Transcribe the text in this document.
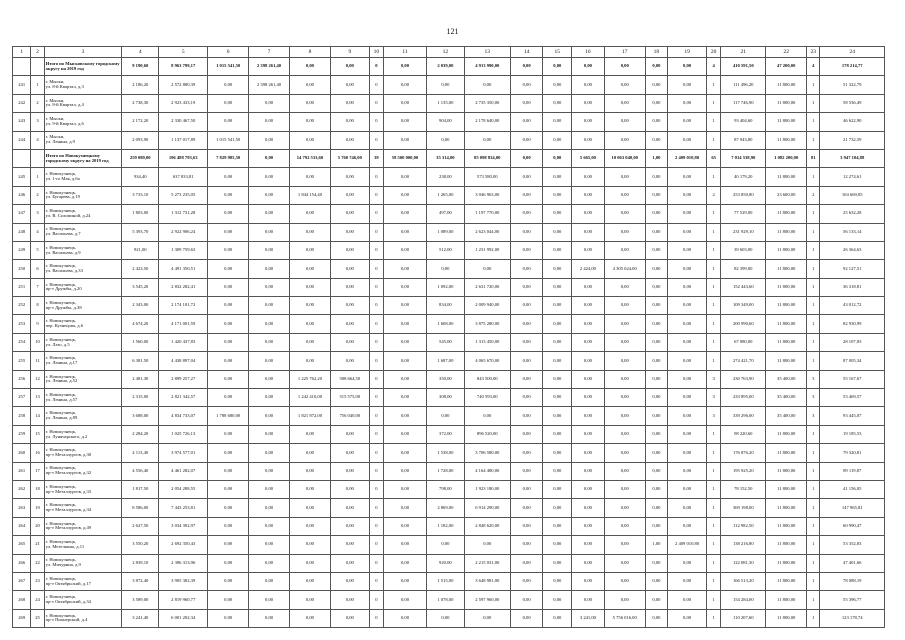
121
1	2	3	4	5	6	7	8	9	10	11	12	13	14	15	16	17	18	19	20	21	22	23	24
		Итого по Мысковскому городскому округу на 2019 год	9 190,60	8 963 799,17	1 015 541,50	2 398 261,40	0,00	0,00	0	0,00	2 039,00	4 913 990,00	0,00	0,00	0,00	0,00	0,00	0,00	4	410 591,50	47 200,00	4	178 214,77
241	1	г. Мыски,
ул. 8-й Квартал, д.3	2 186,20	2 572 880,39	0,00	2 398 261,40	0,00	0,00	0	0,00	0,00	0,00	0,00	0,00	0,00	0,00	0,00	0,00	1	111 496,20	11 800,00	1	51 322,79
242	2	г. Мыски,
ул. 8-й Квартал, д.4	2 738,30	2 923 433,19	0,00	0,00	0,00	0,00	0	0,00	1 135,00	2 735 350,00	0,00	0,00	0,00	0,00	0,00	0,00	1	117 746,90	11 800,00	1	58 536,49
243	3	г. Мыски,
ул. 9-й Квартал, д.6	2 172,20	2 330 467,50	0,00	0,00	0,00	0,00	0	0,00	904,00	2 178 640,00	0,00	0,00	0,00	0,00	0,00	0,00	1	93 404,60	11 800,00	1	46 622,90
244	4	г. Мыски,
ул. Ленина, д.9	2 093,90	1 137 017,89	1 015 541,50	0,00	0,00	0,00	0	0,00	0,00	0,00	0,00	0,00	0,00	0,00	0,00	0,00	1	87 943,80	11 800,00	1	21 732,59
		Итого по Новокузнецкому городскому округу на 2019 год	259 080,00	196 488 793,63	7 829 985,50	0,00	14 792 533,60	5 760 746,00	39	58 500 000,00	35 314,00	85 098 834,00	0,00	0,00	5 665,00	10 063 040,00	1,00	2 409 010,80	65	7 014 538,90	1 082 200,00	81	3 947 104,88
245	1	г. Новокузнецк,
ул. 1-го Мая, д.6а	934,40	637 833,81	0,00	0,00	0,00	0,00	0	0,00	238,00	573 580,00	0,00	0,00	0,00	0,00	0,00	0,00	1	40 179,20	11 800,00	1	12 274,61
246	2	г. Новокузнецк,
ул. Бугарева, д.19	3 733,10	5 273 235,05	0,00	0,00	1 844 154,40	0,00	0	0,00	1 265,00	3 046 963,00	0,00	0,00	0,00	0,00	0,00	0,00	2	253 850,80	23 600,00	2	104 669,85
247	3	г. Новокузнецк,
ул. В. Соломиной, д.24	1 803,00	1 312 731,28	0,00	0,00	0,00	0,00	0	0,00	497,00	1 197 770,00	0,00	0,00	0,00	0,00	0,00	0,00	1	77 529,00	11 800,00	1	25 632,28
248	4	г. Новокузнецк,
ул. Васильева, д.7	5 393,70	2 922 906,24	0,00	0,00	0,00	0,00	0	0,00	1 089,00	2 623 044,00	0,00	0,00	0,00	0,00	0,00	0,00	1	231 929,10	11 800,00	1	56 133,14
249	5	г. Новокузнецк,
ул. Васильева, д.9	921,00	1 309 759,63	0,00	0,00	0,00	0,00	0	0,00	512,00	1 231 992,00	0,00	0,00	0,00	0,00	0,00	0,00	1	39 603,00	11 800,00	1	26 364,63
250	6	г. Новокузнецк,
ул. Васильева, д.33	2 423,50	4 491 350,51	0,00	0,00	0,00	0,00	0	0,00	0,00	0,00	0,00	0,00	2 424,00	4 305 024,00	0,00	0,00	1	82 399,00	11 800,00	1	92 127,51
251	7	г. Новокузнецк,
пр-т Дружбы, д.20	3 545,20	2 832 282,41	0,00	0,00	0,00	0,00	0	0,00	1 092,00	2 631 720,00	0,00	0,00	0,00	0,00	0,00	0,00	1	152 443,60	11 800,00	1	36 318,81
252	8	г. Новокузнецк,
пр-т Дружбы, д.38	2 343,00	2 174 101,72	0,00	0,00	0,00	0,00	0	0,00	834,00	2 009 940,00	0,00	0,00	0,00	0,00	0,00	0,00	1	109 349,00	11 800,00	1	43 012,72
253	9	г. Новокузнецк,
пер. Кузнецова, д.6	4 674,20	4 171 001,59	0,00	0,00	0,00	0,00	0	0,00	1 608,00	3 875 280,00	0,00	0,00	0,00	0,00	0,00	0,00	1	200 990,60	11 800,00	1	82 930,99
254	10	г. Новокузнецк,
ул. Лазо, д.5	1 560,00	1 420 437,83	0,00	0,00	0,00	0,00	0	0,00	545,00	1 313 450,00	0,00	0,00	0,00	0,00	0,00	0,00	1	67 080,00	11 800,00	1	28 107,83
255	11	г. Новокузнецк,
ул. Ленина, д.17	6 381,50	4 438 897,04	0,00	0,00	0,00	0,00	0	0,00	1 687,00	4 065 670,00	0,00	0,00	0,00	0,00	0,00	0,00	1	274 421,70	11 800,00	1	87 005,34
256	12	г. Новокузнецк,
ул. Ленина, д.52	2 481,30	2 899 257,27	0,00	0,00	1 225 762,20	508 664,50	0	0,00	350,00	843 500,00	0,00	0,00	0,00	0,00	0,00	0,00	3	230 763,90	35 400,00	3	55 167,67
257	13	г. Новокузнецк,
ул. Ленина, д.57	2 315,00	2 821 342,57	0,00	0,00	1 242 410,00	515 575,00	0	0,00	308,00	740 593,00	0,00	0,00	0,00	0,00	0,00	0,00	3	233 895,00	35 400,00	3	53 469,57
258	14	г. Новокузнецк,
ул. Ленина, д.89	3 688,00	4 834 733,07	1 788 680,00	0,00	1 821 872,00	756 040,00	0	0,00	0,00	0,00	0,00	0,00	0,00	0,00	0,00	0,00	3	339 296,00	35 400,00	3	93 445,07
259	15	г. Новокузнецк,
ул. Лунячарского, д.2	2 284,20	1 025 726,13	0,00	0,00	0,00	0,00	0	0,00	372,00	896 520,00	0,00	0,00	0,00	0,00	0,00	0,00	1	98 220,60	11 800,00	1	19 185,53
260	16	г. Новокузнецк,
пр-т Металлургов, д.30	4 113,40	3 974 577,01	0,00	0,00	0,00	0,00	0	0,00	1 538,00	3 706 580,00	0,00	0,00	0,00	0,00	0,00	0,00	1	176 876,20	11 800,00	1	79 320,81
261	17	г. Новокузнецк,
пр-т Металлургов, д.32	4 556,40	4 461 282,07	0,00	0,00	0,00	0,00	0	0,00	1 728,00	4 164 480,00	0,00	0,00	0,00	0,00	0,00	0,00	1	195 925,20	11 800,00	1	89 119,87
262	18	г. Новокузнецк,
пр-т Металлургов, д.33	1 817,50	2 054 288,55	0,00	0,00	0,00	0,00	0	0,00	798,00	1 923 180,00	0,00	0,00	0,00	0,00	0,00	0,00	1	78 152,50	11 800,00	1	41 156,05
263	19	г. Новокузнецк,
пр-т Металлургов, д.34	8 586,00	7 443 253,81	0,00	0,00	0,00	0,00	0	0,00	2 869,00	6 914 290,00	0,00	0,00	0,00	0,00	0,00	0,00	1	369 198,00	11 800,00	1	147 965,81
264	20	г. Новокузнецк,
пр-т Металлургов, д.49	2 627,50	3 034 392,97	0,00	0,00	0,00	0,00	0	0,00	1 182,00	2 848 620,00	0,00	0,00	0,00	0,00	0,00	0,00	1	112 982,50	11 800,00	1	60 990,47
265	21	г. Новокузнецк,
ул. Метелкина, д.11	3 550,20	2 692 350,43	0,00	0,00	0,00	0,00	0	0,00	0,00	0,00	0,00	0,00	0,00	0,00	1,00	2 409 010,80	1	138 216,80	11 800,00	1	53 352,83
266	22	г. Новокузнецк,
ул. Мичурина, д.9	2 839,10	2 396 313,96	0,00	0,00	0,00	0,00	0	0,00	920,00	2 215 031,00	0,00	0,00	0,00	0,00	0,00	0,00	1	122 081,30	11 800,00	1	47 401,66
267	23	г. Новокузнецк,
пр-т Октябрьский, д.17	3 872,40	3 905 382,39	0,00	0,00	0,00	0,00	0	0,00	1 515,00	3 648 981,00	0,00	0,00	0,00	0,00	0,00	0,00	1	166 513,20	11 800,00	1	78 088,19
268	24	г. Новокузнецк,
пр-т Октябрьский, д.34	3 589,00	2 819 960,77	0,00	0,00	0,00	0,00	0	0,00	1 078,00	2 597 960,00	0,00	0,00	0,00	0,00	0,00	0,00	1	154 284,00	11 800,00	1	55 396,77
269	25	г. Новокузнецк,
пр-т Пионерский, д.4	3 241,40	6 001 202,34	0,00	0,00	0,00	0,00	0	0,00	0,00	0,00	0,00	0,00	3 241,00	5 756 016,00	0,00	0,00	1	110 207,60	11 800,00	1	123 178,74
